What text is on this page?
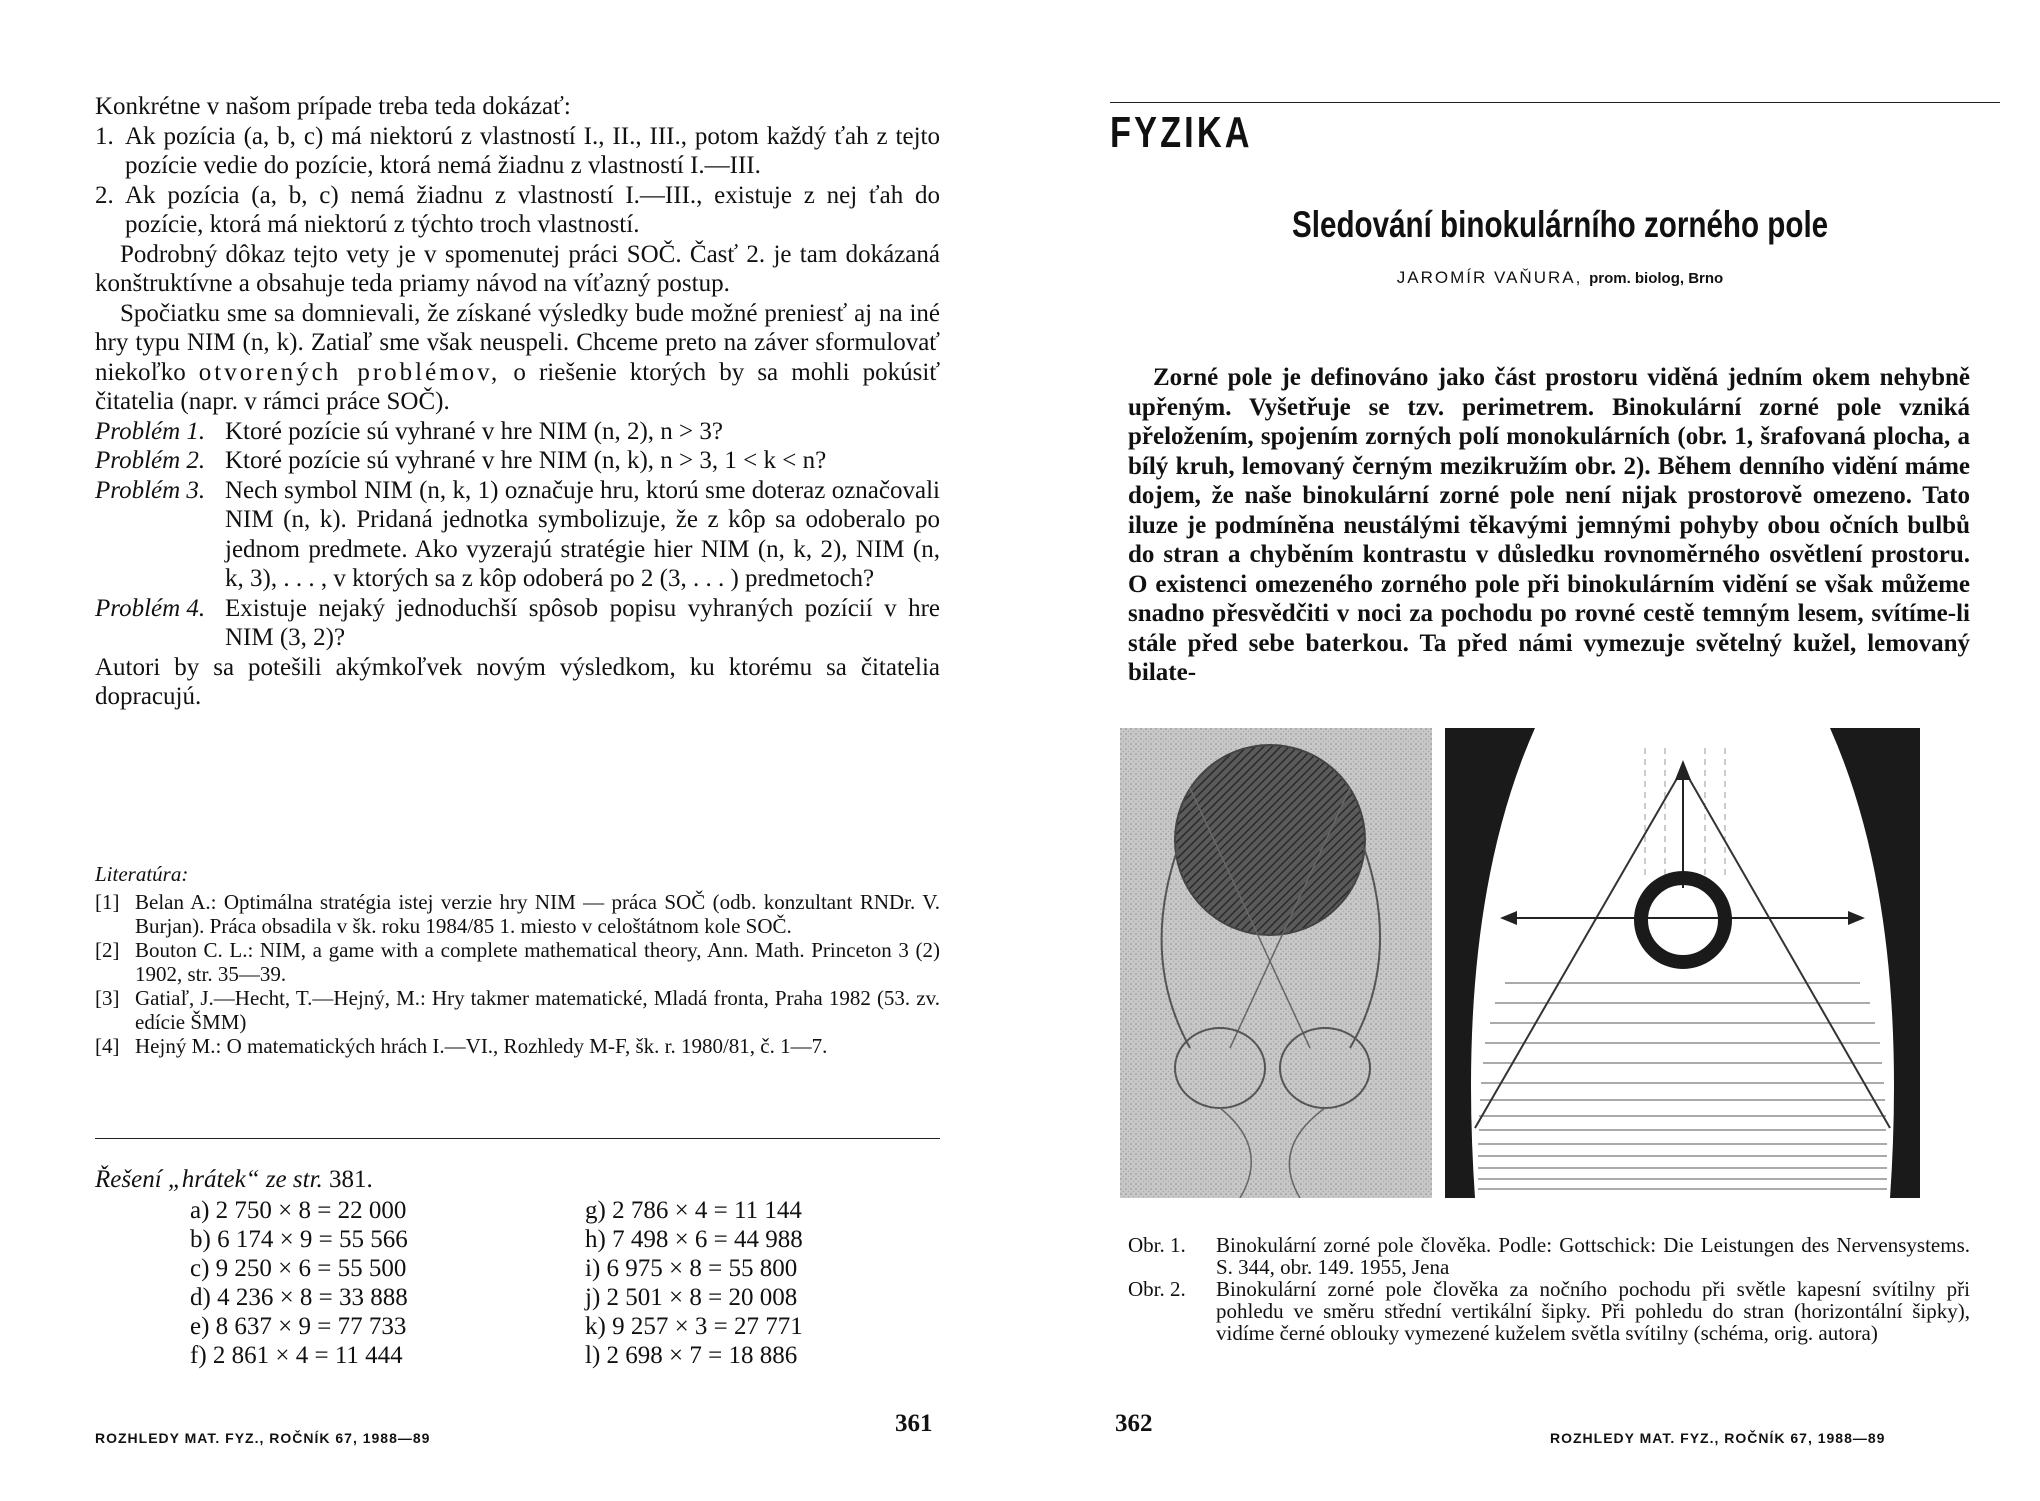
Konkrétne v našom prípade treba teda dokázať:

1. Ak pozícia (a, b, c) má niektorú z vlastností I., II., III., potom každý ťah z tejto pozície vedie do pozície, ktorá nemá žiadnu z vlastností I.—III.
2. Ak pozícia (a, b, c) nemá žiadnu z vlastností I.—III., existuje z nej ťah do pozície, ktorá má niektorú z týchto troch vlastností.

Podrobný dôkaz tejto vety je v spomenutej práci SOČ. Časť 2. je tam dokázaná konštruktívne a obsahuje teda priamy návod na víťazný postup.

Spočiatku sme sa domnievali, že získané výsledky bude možné preniesť aj na iné hry typu NIM (n, k). Zatiaľ sme však neuspeli. Chceme preto na záver sformulovať niekoľko otvorených problémov, o riešenie ktorých by sa mohli pokúsiť čitatelia (napr. v rámci práce SOČ).

Problém 1. Ktoré pozície sú vyhrané v hre NIM (n, 2), n > 3?
Problém 2. Ktoré pozície sú vyhrané v hre NIM (n, k), n > 3, 1 < k < n?
Problém 3. Nech symbol NIM (n, k, 1) označuje hru, ktorú sme doteraz označovali NIM (n, k). Pridaná jednotka symbolizuje, že z kôp sa odoberalo po jednom predmete. Ako vyzerajú stratégie hier NIM (n, k, 2), NIM (n, k, 3), . . . , v ktorých sa z kôp odoberá po 2 (3, . . . ) predmetoch?
Problém 4. Existuje nejaký jednoduchší spôsob popisu vyhraných pozícií v hre NIM (3, 2)?

Autori by sa potešili akýmkoľvek novým výsledkom, ku ktorému sa čitatelia dopracujú.

Literatúra:
[1] Belan A.: Optimálna stratégia istej verzie hry NIM — práca SOČ (odb. konzultant RNDr. V. Burjan). Práca obsadila v šk. roku 1984/85 1. miesto v celoštátnom kole SOČ.
[2] Bouton C. L.: NIM, a game with a complete mathematical theory, Ann. Math. Princeton 3 (2) 1902, str. 35—39.
[3] Gatiaľ, J.—Hecht, T.—Hejný, M.: Hry takmer matematické, Mladá fronta, Praha 1982 (53. zv. edície ŠMM)
[4] Hejný M.: O matematických hrách I.—VI., Rozhledy M-F, šk. r. 1980/81, č. 1—7.
Řešení „hrátek“ ze str. 381.
a) 2 750 × 8 = 22 000	g) 2 786 × 4 = 11 144
b) 6 174 × 9 = 55 566	h) 7 498 × 6 = 44 988
c) 9 250 × 6 = 55 500	i) 6 975 × 8 = 55 800
d) 4 236 × 8 = 33 888	j) 2 501 × 8 = 20 008
e) 8 637 × 9 = 77 733	k) 9 257 × 3 = 27 771
f) 2 861 × 4 = 11 444	l) 2 698 × 7 = 18 886
ROZHLEDY MAT. FYZ., ROČNÍK 67, 1988—89
361
FYZIKA
Sledování binokulárního zorného pole
JAROMÍR VAŇURA, prom. biolog, Brno

Zorné pole je definováno jako část prostoru viděná jedním okem nehybně upřeným. Vyšetřuje se tzv. perimetrem. Binokulární zorné pole vzniká přeložením, spojením zorných polí monokulárních (obr. 1, šrafovaná plocha, a bílý kruh, lemovaný černým mezikružím obr. 2). Během denního vidění máme dojem, že naše binokulární zorné pole není nijak prostorově omezeno. Tato iluze je podmíněna neustálými těkavými jemnými pohyby obou očních bulbů do stran a chyběním kontrastu v důsledku rovnoměrného osvětlení prostoru. O existenci omezeného zorného pole při binokulárním vidění se však můžeme snadno přesvědčiti v noci za pochodu po rovné cestě temným lesem, svítíme-li stále před sebe baterkou. Ta před námi vymezuje světelný kužel, lemovaný bilate-

Obr. 1.	Binokulární zorné pole člověka. Podle: Gottschick: Die Leistungen des Nervensystems. S. 344, obr. 149. 1955, Jena
Obr. 2.	Binokulární zorné pole člověka za nočního pochodu při světle kapesní svítilny při pohledu ve směru střední vertikální šipky. Při pohledu do stran (horizontální šipky), vidíme černé oblouky vymezené kuželem světla svítilny (schéma, orig. autora)
362
ROZHLEDY MAT. FYZ., ROČNÍK 67, 1988—89
